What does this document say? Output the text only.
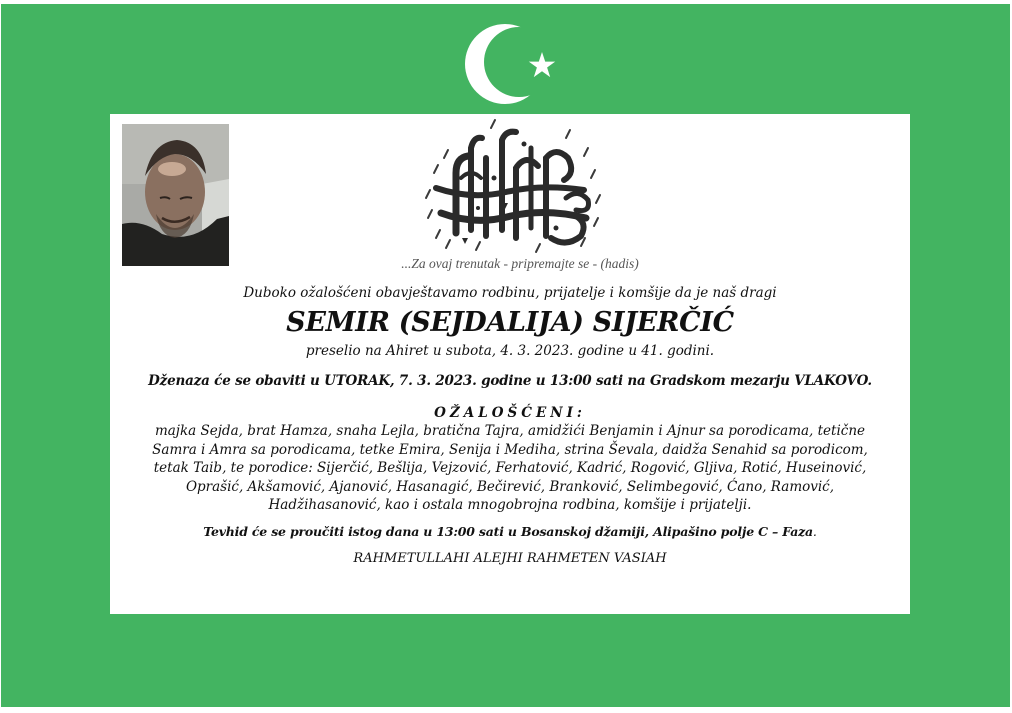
...Za ovaj trenutak - pripremajte se - (hadis)

Duboko ožalošćeni obavještavamo rodbinu, prijatelje i komšije da je naš dragi

SEMIR (SEJDALIJA) SIJERČIĆ

preselio na Ahiret u subota, 4. 3. 2023. godine u 41. godini.

Dženaza će se obaviti u UTORAK, 7. 3. 2023. godine u 13:00 sati na Gradskom mezarju VLAKOVO.

OŽALOŠĆENI:

majka Sejda, brat Hamza, snaha Lejla, bratična Tajra, amidžići Benjamin i Ajnur sa porodicama, tetične
Samra i Amra sa porodicama, tetke Emira, Senija i Mediha, strina Ševala, daidža Senahid sa porodicom,
tetak Taib, te porodice: Sijerčić, Bešlija, Vejzović, Ferhatović, Kadrić, Rogović, Gljiva, Rotić, Huseinović,
Oprašić, Akšamović, Ajanović, Hasanagić, Bečirević, Branković, Selimbegović, Ćano, Ramović,
Hadžihasanović, kao i ostala mnogobrojna rodbina, komšije i prijatelji.

Tevhid će se proučiti istog dana u 13:00 sati u Bosanskoj džamiji, Alipašino polje C – Faza.

RAHMETULLAHI ALEJHI RAHMETEN VASIAH
